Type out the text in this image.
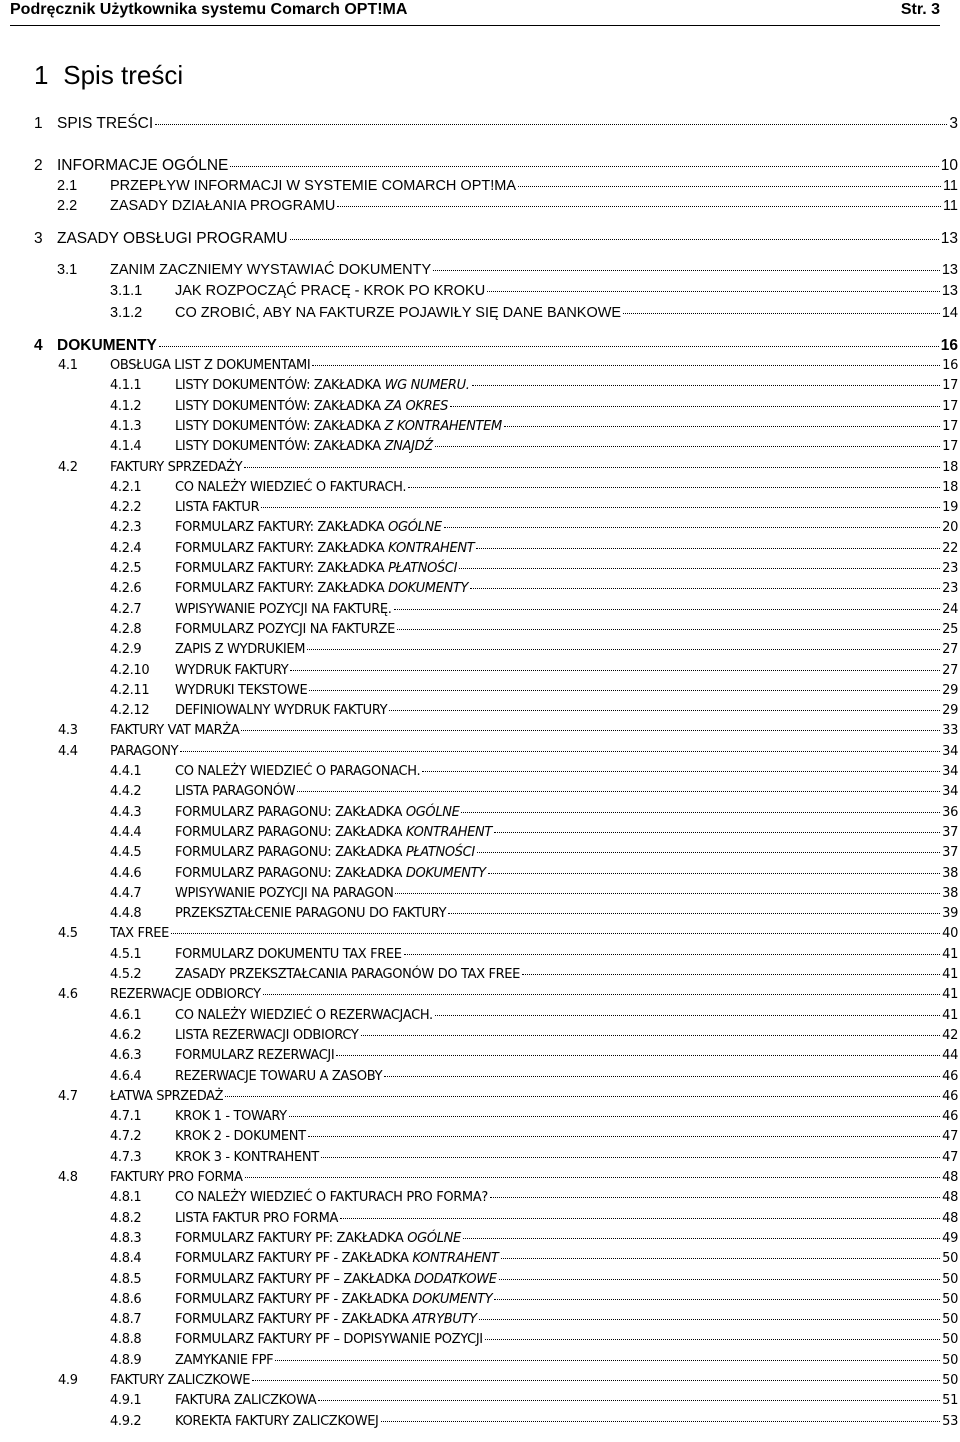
Podręcznik Użytkownika systemu Comarch OPT!MA	Str. 3
1 Spis treści
1 SPIS TREŚCI	3
2 INFORMACJE OGÓLNE	10
2.1	PRZEPŁYW INFORMACJI W SYSTEMIE COMARCH OPT!MA	11
2.2	ZASADY DZIAŁANIA PROGRAMU	11
3 ZASADY OBSŁUGI PROGRAMU	13
3.1	ZANIM ZACZNIEMY WYSTAWIAĆ DOKUMENTY	13
3.1.1	JAK ROZPOCZĄĆ PRACĘ - KROK PO KROKU	13
3.1.2	CO ZROBIĆ, ABY NA FAKTURZE POJAWIŁY SIĘ DANE BANKOWE	14
4 DOKUMENTY	16
4.1	OBSŁUGA LIST Z DOKUMENTAMI	16
4.1.1	LISTY DOKUMENTÓW: ZAKŁADKA WG NUMERU.	17
4.1.2	LISTY DOKUMENTÓW: ZAKŁADKA ZA OKRES	17
4.1.3	LISTY DOKUMENTÓW: ZAKŁADKA Z KONTRAHENTEM	17
4.1.4	LISTY DOKUMENTÓW: ZAKŁADKA ZNAJDŹ	17
4.2	FAKTURY SPRZEDAŻY	18
4.2.1	CO NALEŻY WIEDZIEĆ O FAKTURACH.	18
4.2.2	LISTA FAKTUR	19
4.2.3	FORMULARZ FAKTURY: ZAKŁADKA OGÓLNE	20
4.2.4	FORMULARZ FAKTURY: ZAKŁADKA KONTRAHENT	22
4.2.5	FORMULARZ FAKTURY: ZAKŁADKA PŁATNOŚCI	23
4.2.6	FORMULARZ FAKTURY: ZAKŁADKA DOKUMENTY	23
4.2.7	WPISYWANIE POZYCJI NA FAKTURĘ.	24
4.2.8	FORMULARZ POZYCJI NA FAKTURZE	25
4.2.9	ZAPIS Z WYDRUKIEM	27
4.2.10	WYDRUK FAKTURY	27
4.2.11	WYDRUKI TEKSTOWE	29
4.2.12	DEFINIOWALNY WYDRUK FAKTURY	29
4.3	FAKTURY VAT MARŻA	33
4.4	PARAGONY	34
4.4.1	CO NALEŻY WIEDZIEĆ O PARAGONACH.	34
4.4.2	LISTA PARAGONÓW	34
4.4.3	FORMULARZ PARAGONU: ZAKŁADKA OGÓLNE	36
4.4.4	FORMULARZ PARAGONU: ZAKŁADKA KONTRAHENT	37
4.4.5	FORMULARZ PARAGONU: ZAKŁADKA PŁATNOŚCI	37
4.4.6	FORMULARZ PARAGONU: ZAKŁADKA DOKUMENTY	38
4.4.7	WPISYWANIE POZYCJI NA PARAGON	38
4.4.8	PRZEKSZTAŁCENIE PARAGONU DO FAKTURY	39
4.5	TAX FREE	40
4.5.1	FORMULARZ DOKUMENTU TAX FREE	41
4.5.2	ZASADY PRZEKSZTAŁCANIA PARAGONÓW DO TAX FREE	41
4.6	REZERWACJE ODBIORCY	41
4.6.1	CO NALEŻY WIEDZIEĆ O REZERWACJACH.	41
4.6.2	LISTA REZERWACJI ODBIORCY	42
4.6.3	FORMULARZ REZERWACJI	44
4.6.4	REZERWACJE TOWARU A ZASOBY	46
4.7	ŁATWA SPRZEDAŻ	46
4.7.1	KROK 1 - TOWARY	46
4.7.2	KROK 2 - DOKUMENT	47
4.7.3	KROK 3 - KONTRAHENT	47
4.8	FAKTURY PRO FORMA	48
4.8.1	CO NALEŻY WIEDZIEĆ O FAKTURACH PRO FORMA?	48
4.8.2	LISTA FAKTUR PRO FORMA	48
4.8.3	FORMULARZ FAKTURY PF: ZAKŁADKA OGÓLNE	49
4.8.4	FORMULARZ FAKTURY PF - ZAKŁADKA KONTRAHENT	50
4.8.5	FORMULARZ FAKTURY PF – ZAKŁADKA DODATKOWE	50
4.8.6	FORMULARZ FAKTURY PF - ZAKŁADKA DOKUMENTY	50
4.8.7	FORMULARZ FAKTURY PF - ZAKŁADKA ATRYBUTY	50
4.8.8	FORMULARZ FAKTURY PF – DOPISYWANIE POZYCJI	50
4.8.9	ZAMYKANIE FPF	50
4.9	FAKTURY ZALICZKOWE	50
4.9.1	FAKTURA ZALICZKOWA	51
4.9.2	KOREKTA FAKTURY ZALICZKOWEJ	53
